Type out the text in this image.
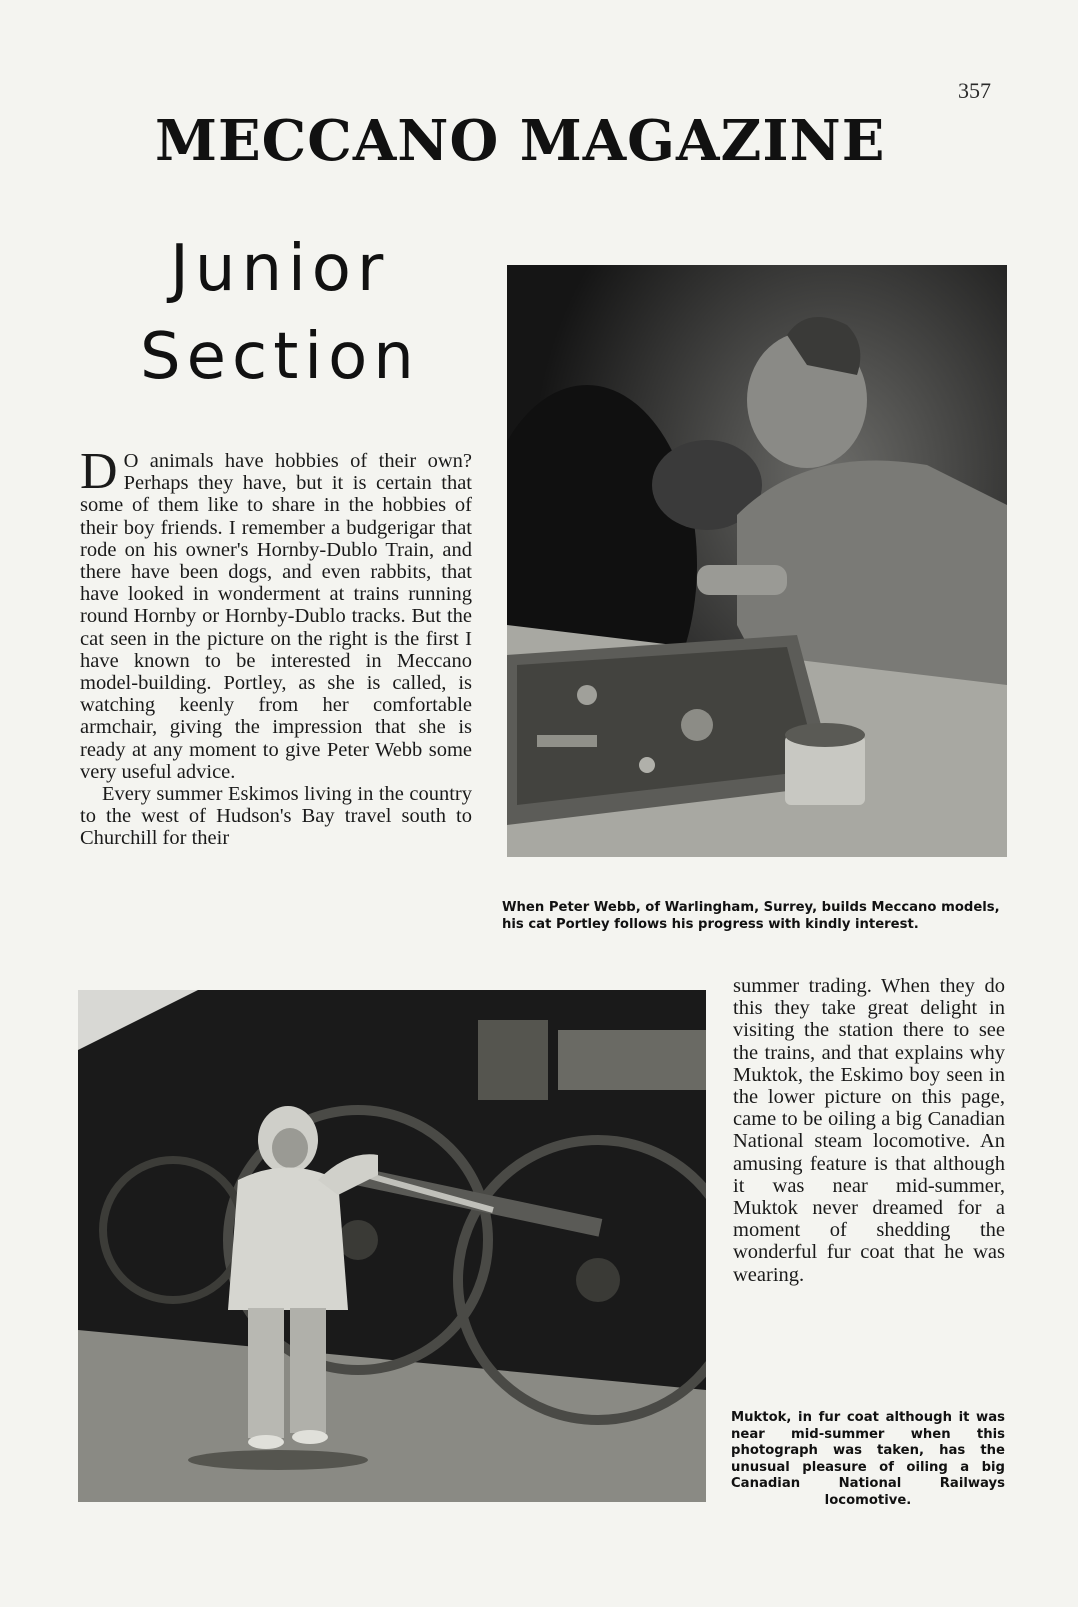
357
MECCANO MAGAZINE
Junior
Section

D O animals have hobbies of their own? Perhaps they have, but it is certain that some of them like to share in the hobbies of their boy friends. I remember a budgerigar that rode on his owner's Hornby-Dublo Train, and there have been dogs, and even rabbits, that have looked in wonderment at trains running round Hornby or Hornby-Dublo tracks. But the cat seen in the picture on the right is the first I have known to be interested in Meccano model-building. Portley, as she is called, is watching keenly from her comfortable armchair, giving the impression that she is ready at any moment to give Peter Webb some very useful advice.

Every summer Eskimos living in the country to the west of Hudson's Bay travel south to Churchill for their

When Peter Webb, of Warlingham, Surrey, builds Meccano models, his cat Portley follows his progress with kindly interest.

summer trading. When they do this they take great delight in visiting the station there to see the trains, and that explains why Muktok, the Eskimo boy seen in the lower picture on this page, came to be oiling a big Canadian National steam locomotive. An amusing feature is that although it was near mid-summer, Muktok never dreamed for a moment of shedding the wonderful fur coat that he was wearing.

Muktok, in fur coat although it was near mid-summer when this photograph was taken, has the unusual pleasure of oiling a big Canadian National Railways locomotive.
